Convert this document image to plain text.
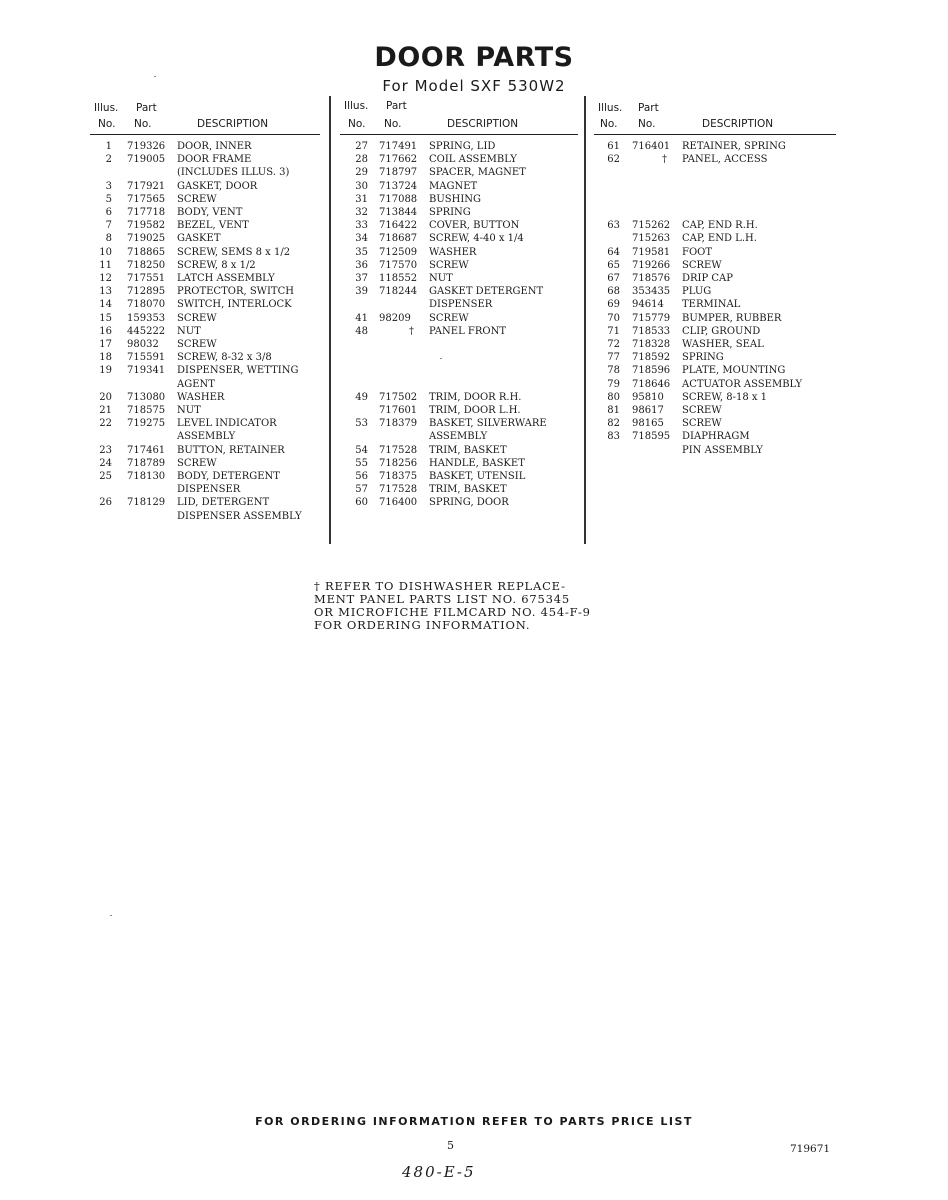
DOOR PARTS
For Model SXF 530W2
Illus.
No.
Part
No.	DESCRIPTION
1 719326 DOOR, INNER
2 719005 DOOR FRAME
(INCLUDES ILLUS. 3)
3 717921 GASKET, DOOR
5 717565 SCREW
6 717718 BODY, VENT
7 719582 BEZEL, VENT
8 719025 GASKET
10 718865 SCREW, SEMS 8 x 1/2
11 718250 SCREW, 8 x 1/2
12 717551 LATCH ASSEMBLY
13 712895 PROTECTOR, SWITCH
14 718070 SWITCH, INTERLOCK
15 159353 SCREW
16 445222 NUT
17 98032 SCREW
18 715591 SCREW, 8-32 x 3/8
19 719341 DISPENSER, WETTING
AGENT
20 713080 WASHER
21 718575 NUT
22 719275 LEVEL INDICATOR
ASSEMBLY
23 717461 BUTTON, RETAINER
24 718789 SCREW
25 718130 BODY, DETERGENT
DISPENSER
26 718129 LID, DETERGENT
DISPENSER ASSEMBLY
Illus.
No.
Part
No.	DESCRIPTION
27 717491 SPRING, LID
28 717662 COIL ASSEMBLY
29 718797 SPACER, MAGNET
30 713724 MAGNET
31 717088 BUSHING
32 713844 SPRING
33 716422 COVER, BUTTON
34 718687 SCREW, 4-40 x 1/4
35 712509 WASHER
36 717570 SCREW
37 118552 NUT
39 718244 GASKET DETERGENT
DISPENSER
41 98209 SCREW
48	† PANEL FRONT
49 717502 TRIM, DOOR R.H.
717601 TRIM, DOOR L.H.
53 718379 BASKET, SILVERWARE
ASSEMBLY
54 717528 TRIM, BASKET
55 718256 HANDLE, BASKET
56 718375 BASKET, UTENSIL
57 717528 TRIM, BASKET
60 716400 SPRING, DOOR
Illus.
No.
Part
No.	DESCRIPTION
61 716401 RETAINER, SPRING
62	† PANEL, ACCESS
63 715262 CAP, END R.H.
715263 CAP, END L.H.
64 719581 FOOT
65 719266 SCREW
67 718576 DRIP CAP
68 353435 PLUG
69 94614 TERMINAL
70 715779 BUMPER, RUBBER
71 718533 CLIP, GROUND
72 718328 WASHER, SEAL
77 718592 SPRING
78 718596 PLATE, MOUNTING
79 718646 ACTUATOR ASSEMBLY
80 95810 SCREW, 8-18 x 1
81 98617 SCREW
82 98165 SCREW
83 718595 DIAPHRAGM
PIN ASSEMBLY
† REFER TO DISHWASHER REPLACE-
MENT PANEL PARTS LIST NO. 675345
OR MICROFICHE FILMCARD NO. 454-F-9
FOR ORDERING INFORMATION.
FOR ORDERING INFORMATION REFER TO PARTS PRICE LIST
5	719671
480-E-5
